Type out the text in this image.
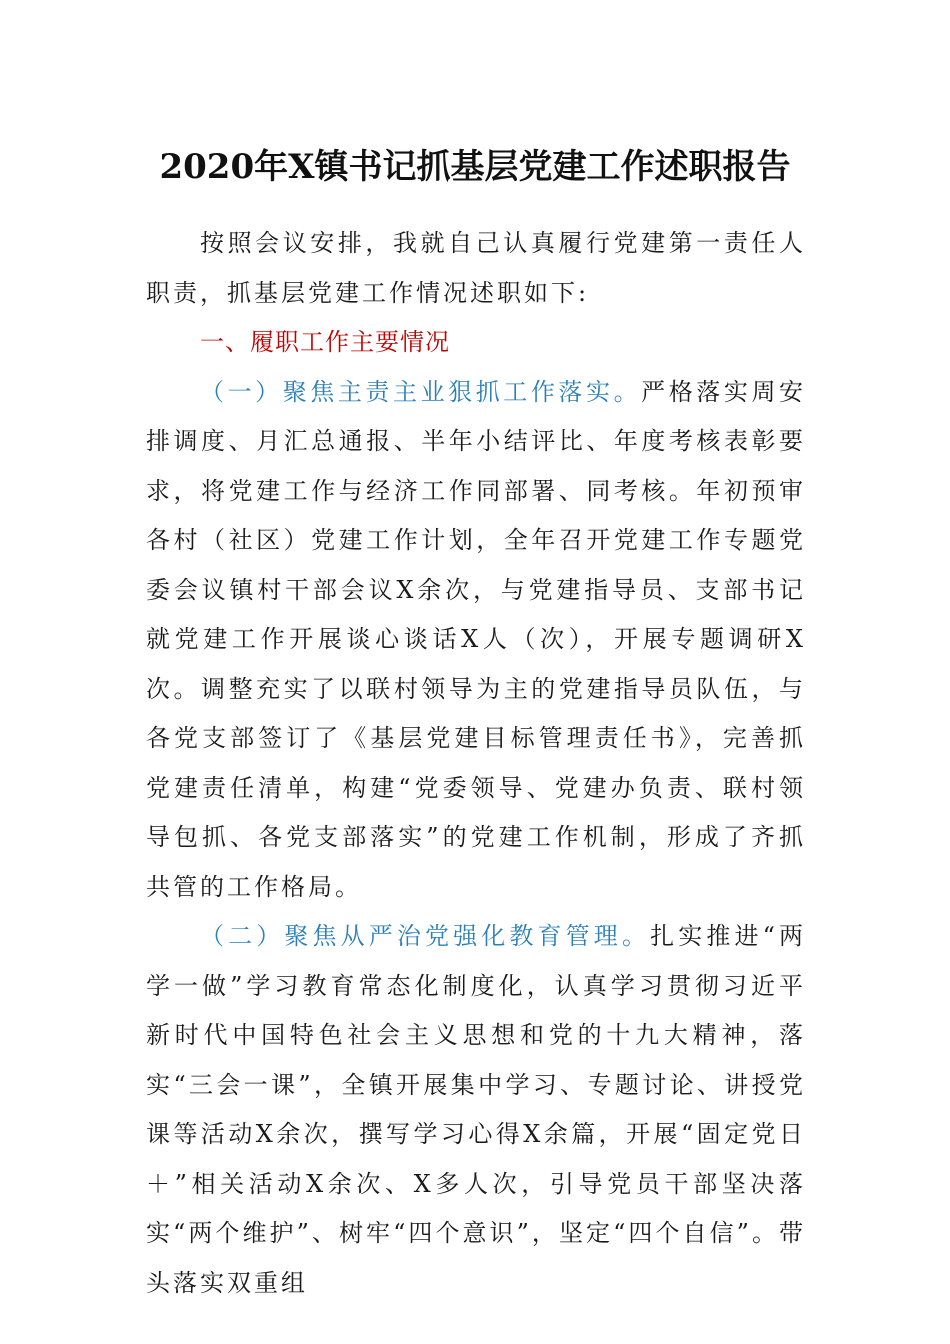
2020年X镇书记抓基层党建工作述职报告

按照会议安排，我就自己认真履行党建第一责任人职责，抓基层党建工作情况述职如下:

一、履职工作主要情况

（一）聚焦主责主业狠抓工作落实。严格落实周安排调度、月汇总通报、半年小结评比、年度考核表彰要求，将党建工作与经济工作同部署、同考核。年初预审各村（社区）党建工作计划，全年召开党建工作专题党委会议镇村干部会议X余次，与党建指导员、支部书记就党建工作开展谈心谈话X人（次），开展专题调研X次。调整充实了以联村领导为主的党建指导员队伍，与各党支部签订了《基层党建目标管理责任书》，完善抓党建责任清单，构建“党委领导、党建办负责、联村领导包抓、各党支部落实”的党建工作机制，形成了齐抓共管的工作格局。

（二）聚焦从严治党强化教育管理。扎实推进“两学一做”学习教育常态化制度化，认真学习贯彻习近平新时代中国特色社会主义思想和党的十九大精神，落实“三会一课”，全镇开展集中学习、专题讨论、讲授党课等活动X余次，撰写学习心得X余篇，开展“固定党日＋”相关活动X余次、X多人次，引导党员干部坚决落实“两个维护”、树牢“四个意识”，坚定“四个自信”。带头落实双重组
